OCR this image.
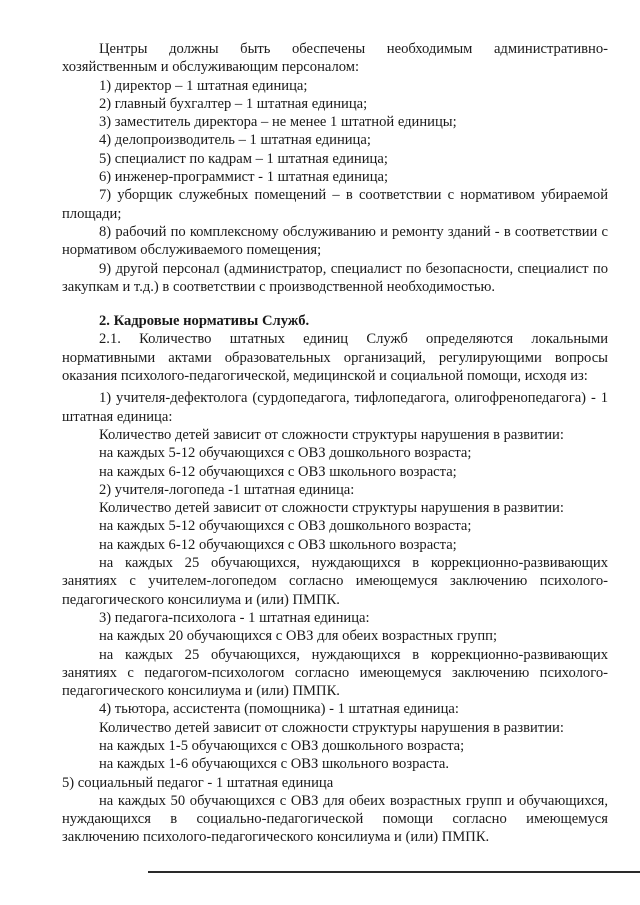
Центры должны быть обеспечены необходимым административно-хозяйственным и обслуживающим персоналом:

1) директор – 1 штатная единица;

2) главный бухгалтер – 1 штатная единица;

3) заместитель директора – не менее 1 штатной единицы;

4) делопроизводитель – 1 штатная единица;

5) специалист по кадрам – 1 штатная единица;

6) инженер-программист - 1 штатная единица;

7) уборщик служебных помещений – в соответствии с нормативом убираемой площади;

8) рабочий по комплексному обслуживанию и ремонту зданий - в соответствии с нормативом обслуживаемого помещения;

9) другой персонал (администратор, специалист по безопасности, специалист по закупкам и т.д.) в соответствии с производственной необходимостью.

2. Кадровые нормативы Служб.

2.1. Количество штатных единиц Служб определяются локальными нормативными актами образовательных организаций, регулирующими вопросы оказания психолого-педагогической, медицинской и социальной помощи, исходя из:

1) учителя-дефектолога (сурдопедагога, тифлопедагога, олигофренопедагога) - 1 штатная единица:

Количество детей зависит от сложности структуры нарушения в развитии:

на каждых 5-12 обучающихся с ОВЗ дошкольного возраста;

на каждых 6-12 обучающихся с ОВЗ школьного возраста;

2) учителя-логопеда -1 штатная единица:

Количество детей зависит от сложности структуры нарушения в развитии:

на каждых 5-12 обучающихся с ОВЗ дошкольного возраста;

на каждых 6-12 обучающихся с ОВЗ школьного возраста;

на каждых 25 обучающихся, нуждающихся в коррекционно-развивающих занятиях с учителем-логопедом согласно имеющемуся заключению психолого-педагогического консилиума и (или) ПМПК.

3) педагога-психолога - 1 штатная единица:

на каждых 20 обучающихся с ОВЗ для обеих возрастных групп;

на каждых 25 обучающихся, нуждающихся в коррекционно-развивающих занятиях с педагогом-психологом согласно имеющемуся заключению психолого-педагогического консилиума и (или) ПМПК.

4) тьютора, ассистента (помощника) - 1 штатная единица:

Количество детей зависит от сложности структуры нарушения в развитии:

на каждых 1-5 обучающихся с ОВЗ дошкольного возраста;

на каждых 1-6 обучающихся с ОВЗ школьного возраста.

5) социальный педагог - 1 штатная единица

на каждых 50 обучающихся с ОВЗ для обеих возрастных групп и обучающихся, нуждающихся в социально-педагогической помощи согласно имеющемуся заключению психолого-педагогического консилиума и (или) ПМПК.
